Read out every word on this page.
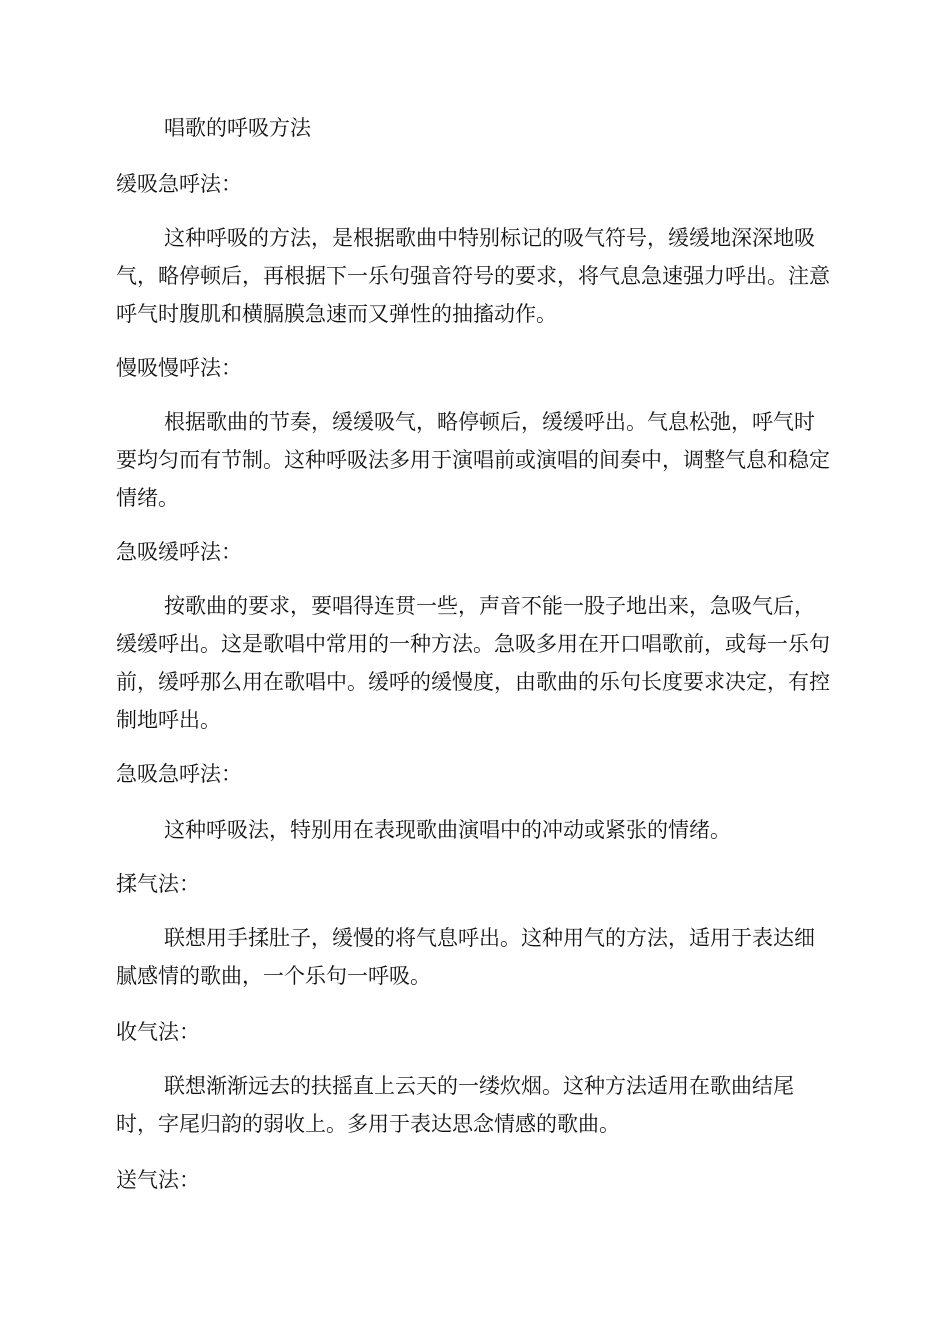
唱歌的呼吸方法

缓吸急呼法：

这种呼吸的方法，是根据歌曲中特别标记的吸气符号，缓缓地深深地吸气，略停顿后，再根据下一乐句强音符号的要求，将气息急速强力呼出。注意呼气时腹肌和横膈膜急速而又弹性的抽搐动作。

慢吸慢呼法：

根据歌曲的节奏，缓缓吸气，略停顿后，缓缓呼出。气息松弛，呼气时要均匀而有节制。这种呼吸法多用于演唱前或演唱的间奏中，调整气息和稳定情绪。

急吸缓呼法：

按歌曲的要求，要唱得连贯一些，声音不能一股子地出来，急吸气后，缓缓呼出。这是歌唱中常用的一种方法。急吸多用在开口唱歌前，或每一乐句前，缓呼那么用在歌唱中。缓呼的缓慢度，由歌曲的乐句长度要求决定，有控制地呼出。

急吸急呼法：

这种呼吸法，特别用在表现歌曲演唱中的冲动或紧张的情绪。

揉气法：

联想用手揉肚子，缓慢的将气息呼出。这种用气的方法，适用于表达细腻感情的歌曲，一个乐句一呼吸。

收气法：

联想渐渐远去的扶摇直上云天的一缕炊烟。这种方法适用在歌曲结尾时，字尾归韵的弱收上。多用于表达思念情感的歌曲。

送气法：
